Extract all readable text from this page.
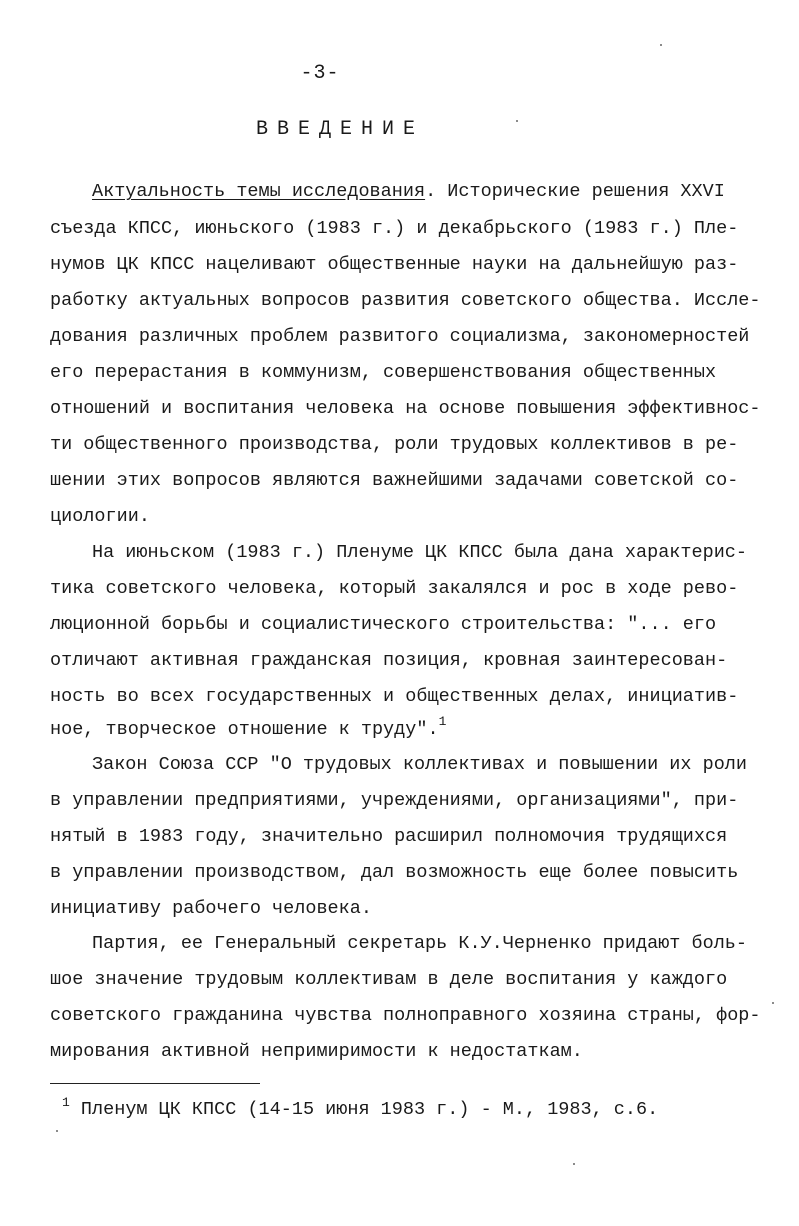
-3-
ВВЕДЕНИЕ
Актуальность темы исследования. Исторические решения XXVI
съезда КПСС, июньского (1983 г.) и декабрьского (1983 г.) Пле-
нумов ЦК КПСС нацеливают общественные науки на дальнейшую раз-
работку актуальных вопросов развития советского общества. Иссле-
дования различных проблем развитого социализма, закономерностей
его перерастания в коммунизм, совершенствования общественных
отношений и воспитания человека на основе повышения эффективнос-
ти общественного производства, роли трудовых коллективов в ре-
шении этих вопросов являются важнейшими задачами советской со-
циологии.
На июньском (1983 г.) Пленуме ЦК КПСС была дана характерис-
тика советского человека, который закалялся и рос в ходе рево-
люционной борьбы и социалистического строительства: "... его
отличают активная гражданская позиция, кровная заинтересован-
ность во всех государственных и общественных делах, инициатив-
ное, творческое отношение к труду".$^1$
Закон Союза ССР "О трудовых коллективах и повышении их роли
в управлении предприятиями, учреждениями, организациями", при-
нятый в 1983 году, значительно расширил полномочия трудящихся
в управлении производством, дал возможность еще более повысить
инициативу рабочего человека.
Партия, ее Генеральный секретарь К.У.Черненко придают боль-
шое значение трудовым коллективам в деле воспитания у каждого
советского гражданина чувства полноправного хозяина страны, фор-
мирования активной непримиримости к недостаткам.
$^1$ Пленум ЦК КПСС (14-15 июня 1983 г.) - М., 1983, с.6.
